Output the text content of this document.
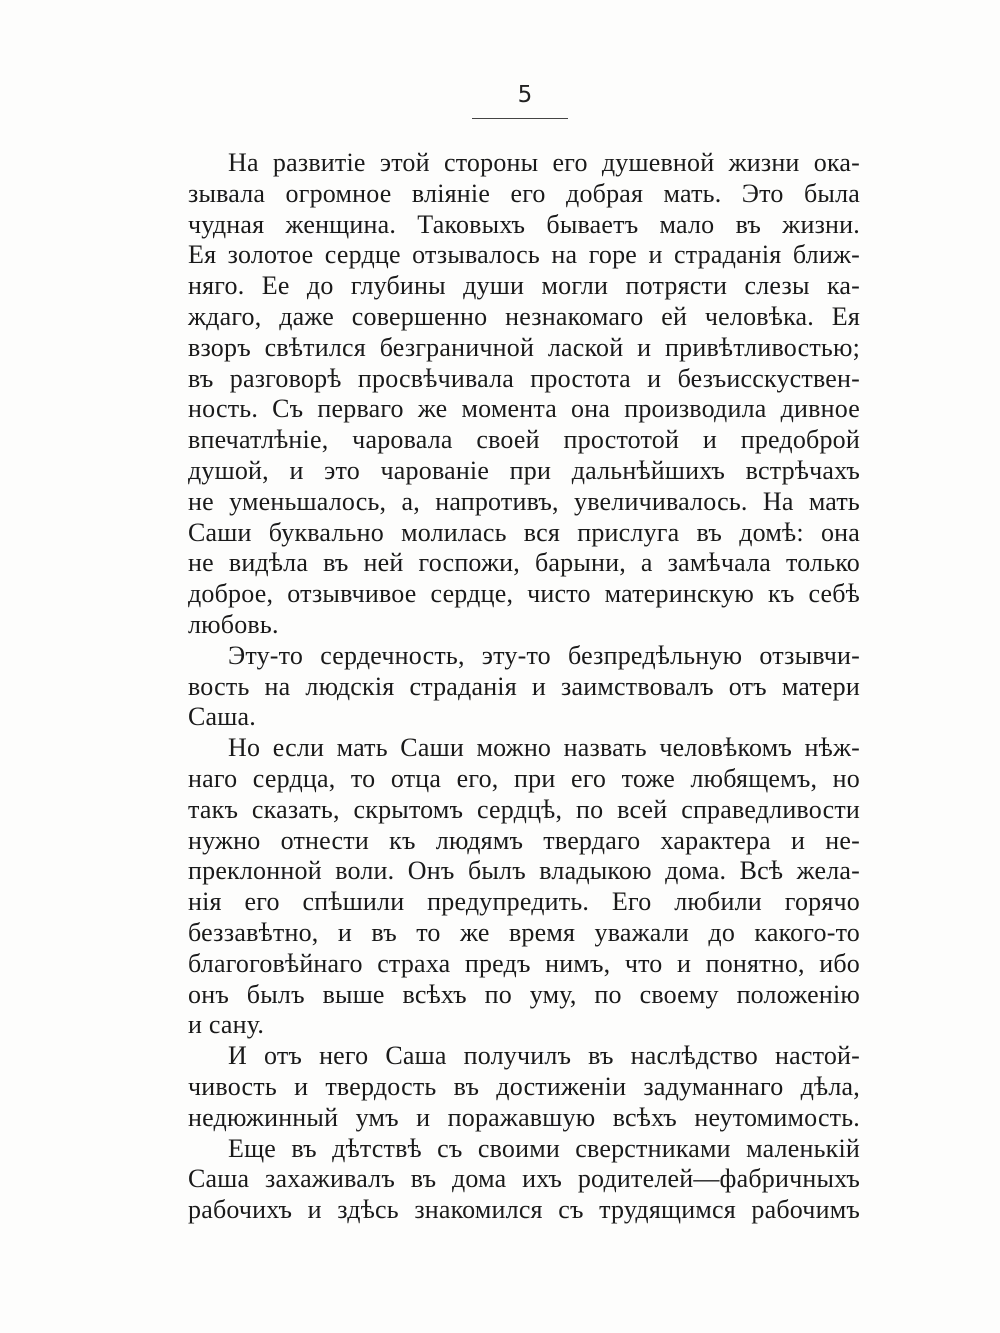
5
На развитіе этой стороны его душевной жизни ока-
зывала огромное вліяніе его добрая мать. Это была
чудная женщина. Таковыхъ бываетъ мало въ жизни.
Ея золотое сердце отзывалось на горе и страданія ближ-
няго. Ее до глубины души могли потрясти слезы ка-
ждаго, даже совершенно незнакомаго ей человѣка. Ея
взоръ свѣтился безграничной лаской и привѣтливостью;
въ разговорѣ просвѣчивала простота и безъисскуствен-
ность. Съ перваго же момента она производила дивное
впечатлѣніе, чаровала своей простотой и предоброй
душой, и это чарованіе при дальнѣйшихъ встрѣчахъ
не уменьшалось, а, напротивъ, увеличивалось. На мать
Саши буквально молилась вся прислуга въ домѣ: она
не видѣла въ ней госпожи, барыни, а замѣчала только
доброе, отзывчивое сердце, чисто материнскую къ себѣ
любовь.
Эту-то сердечность, эту-то безпредѣльную отзывчи-
вость на людскія страданія и заимствовалъ отъ матери
Саша.
Но если мать Саши можно назвать человѣкомъ нѣж-
наго сердца, то отца его, при его тоже любящемъ, но
такъ сказать, скрытомъ сердцѣ, по всей справедливости
нужно отнести къ людямъ твердаго характера и не-
преклонной воли. Онъ былъ владыкою дома. Всѣ жела-
нія его спѣшили предупредить. Его любили горячо
беззавѣтно, и въ то же время уважали до какого-то
благоговѣйнаго страха предъ нимъ, что и понятно, ибо
онъ былъ выше всѣхъ по уму, по своему положенію
и сану.
И отъ него Саша получилъ въ наслѣдство настой-
чивость и твердость въ достиженіи задуманнаго дѣла,
недюжинный умъ и поражавшую всѣхъ неутомимость.
Еще въ дѣтствѣ съ своими сверстниками маленькій
Саша захаживалъ въ дома ихъ родителей—фабричныхъ
рабочихъ и здѣсь знакомился съ трудящимся рабочимъ
